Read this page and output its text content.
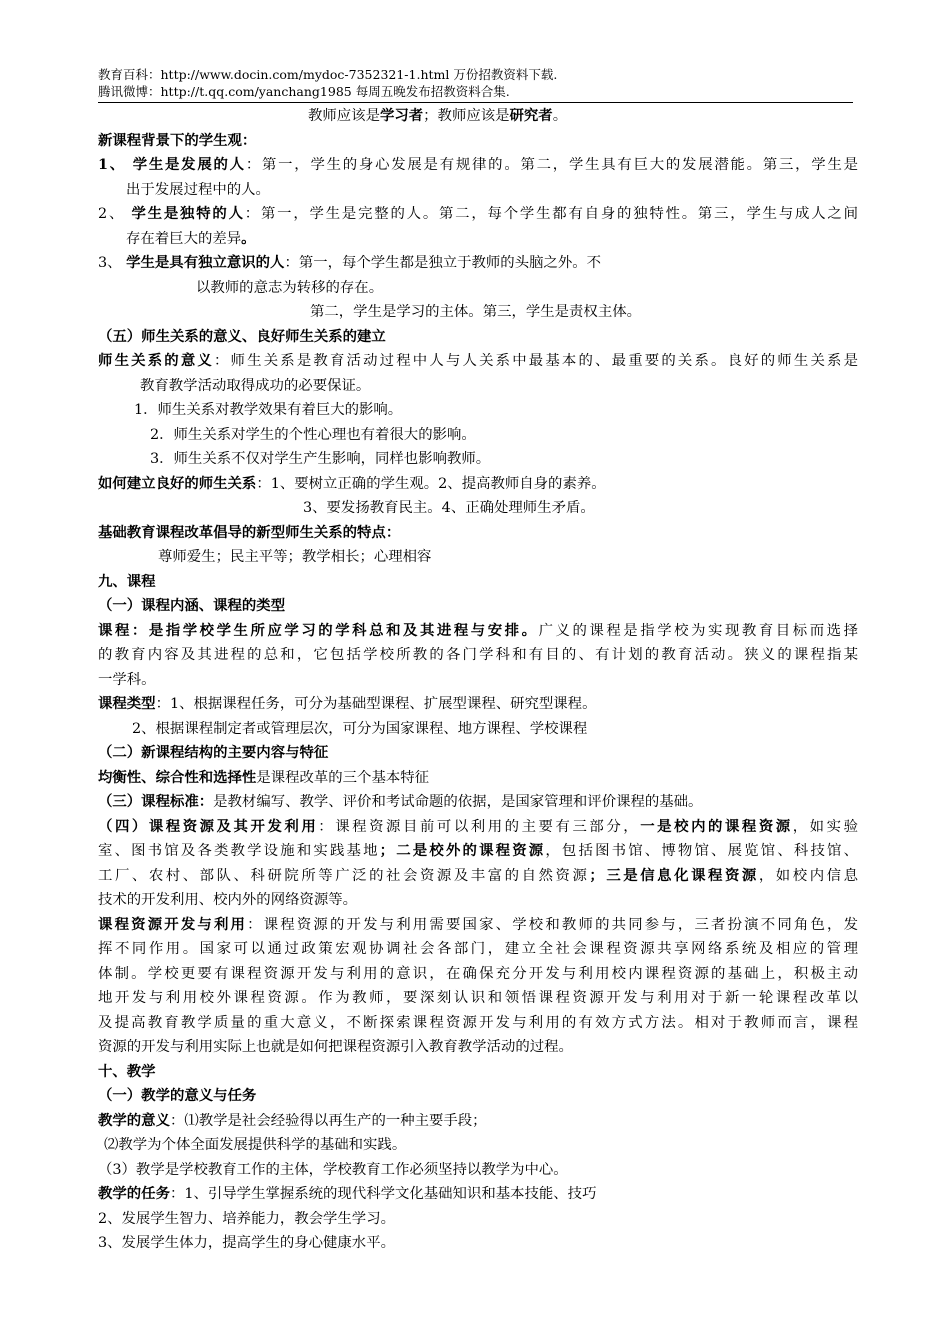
教育百科：http://www.docin.com/mydoc-7352321-1.html 万份招教资料下载.
腾讯微博：http://t.qq.com/yanchang1985 每周五晚发布招教资料合集.
教师应该是学习者；教师应该是研究者。
新课程背景下的学生观：
1、 学生是发展的人：第一，学生的身心发展是有规律的。第二，学生具有巨大的发展潜能。第三，学生是
出于发展过程中的人。
2、 学生是独特的人：第一，学生是完整的人。第二，每个学生都有自身的独特性。第三，学生与成人之间
存在着巨大的差异。
3、 学生是具有独立意识的人：第一，每个学生都是独立于教师的头脑之外。不
以教师的意志为转移的存在。
第二，学生是学习的主体。第三，学生是责权主体。
（五）师生关系的意义、良好师生关系的建立
师生关系的意义：师生关系是教育活动过程中人与人关系中最基本的、最重要的关系。良好的师生关系是
教育教学活动取得成功的必要保证。
1．师生关系对教学效果有着巨大的影响。
2．师生关系对学生的个性心理也有着很大的影响。
3．师生关系不仅对学生产生影响，同样也影响教师。
如何建立良好的师生关系：1、要树立正确的学生观。2、提高教师自身的素养。
3、要发扬教育民主。4、正确处理师生矛盾。
基础教育课程改革倡导的新型师生关系的特点：
尊师爱生；民主平等；教学相长；心理相容
九、课程
（一）课程内涵、课程的类型
课程：是指学校学生所应学习的学科总和及其进程与安排。广义的课程是指学校为实现教育目标而选择
的教育内容及其进程的总和，它包括学校所教的各门学科和有目的、有计划的教育活动。狭义的课程指某
一学科。
课程类型：1、根据课程任务，可分为基础型课程、扩展型课程、研究型课程。
2、根据课程制定者或管理层次，可分为国家课程、地方课程、学校课程
（二）新课程结构的主要内容与特征
均衡性、综合性和选择性是课程改革的三个基本特征
（三）课程标准：是教材编写、教学、评价和考试命题的依据，是国家管理和评价课程的基础。
（四）课程资源及其开发利用：课程资源目前可以利用的主要有三部分，一是校内的课程资源，如实验
室、图书馆及各类教学设施和实践基地；二是校外的课程资源，包括图书馆、博物馆、展览馆、科技馆、
工厂、农村、部队、科研院所等广泛的社会资源及丰富的自然资源；三是信息化课程资源，如校内信息
技术的开发利用、校内外的网络资源等。
课程资源开发与利用：课程资源的开发与利用需要国家、学校和教师的共同参与，三者扮演不同角色，发
挥不同作用。国家可以通过政策宏观协调社会各部门，建立全社会课程资源共享网络系统及相应的管理
体制。学校更要有课程资源开发与利用的意识，在确保充分开发与利用校内课程资源的基础上，积极主动
地开发与利用校外课程资源。作为教师，要深刻认识和领悟课程资源开发与利用对于新一轮课程改革以
及提高教育教学质量的重大意义，不断探索课程资源开发与利用的有效方式方法。相对于教师而言，课程
资源的开发与利用实际上也就是如何把课程资源引入教育教学活动的过程。
十、教学
（一）教学的意义与任务
教学的意义：⑴教学是社会经验得以再生产的一种主要手段；
⑵教学为个体全面发展提供科学的基础和实践。
（3）教学是学校教育工作的主体，学校教育工作必须坚持以教学为中心。
教学的任务：1、引导学生掌握系统的现代科学文化基础知识和基本技能、技巧
2、发展学生智力、培养能力，教会学生学习。
3、发展学生体力，提高学生的身心健康水平。
